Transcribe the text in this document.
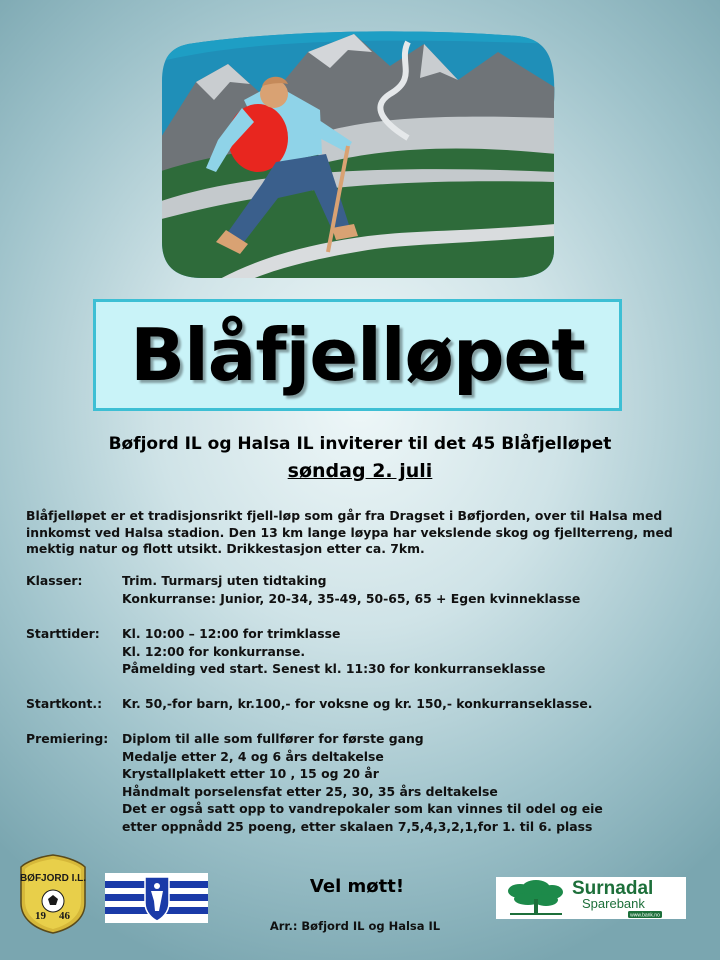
Blåfjelløpet
Bøfjord IL og Halsa IL inviterer til det 45 Blåfjelløpet
søndag 2. juli
Blåfjelløpet er et tradisjonsrikt fjell-løp som går fra Dragset i Bøfjorden, over til Halsa med innkomst ved Halsa stadion. Den 13 km lange løypa har vekslende skog og fjellterreng, med mektig natur og flott utsikt. Drikkestasjon etter ca. 7km.
Klasser:	Trim. Turmarsj uten tidtaking
Konkurranse: Junior, 20-34, 35-49, 50-65, 65 + Egen kvinneklasse
Starttider: Kl. 10:00 – 12:00 for trimklasse
Kl. 12:00 for konkurranse.
Påmelding ved start. Senest kl. 11:30 for konkurranseklasse
Startkont.: Kr. 50,-for barn, kr.100,- for voksne og kr. 150,- konkurranseklasse.
Premiering: Diplom til alle som fullfører for første gang
Medalje etter 2, 4 og 6 års deltakelse
Krystallplakett etter 10 , 15 og 20 år
Håndmalt porselensfat etter 25, 30, 35 års deltakelse
Det er også satt opp to vandrepokaler som kan vinnes til odel og eie
etter oppnådd 25 poeng, etter skalaen 7,5,4,3,2,1,for 1. til 6. plass
BØFJORD I.L.
19 46
Vel møtt!
Arr.: Bøfjord IL og Halsa IL
Surnadal
Sparebank
www.bank.no
